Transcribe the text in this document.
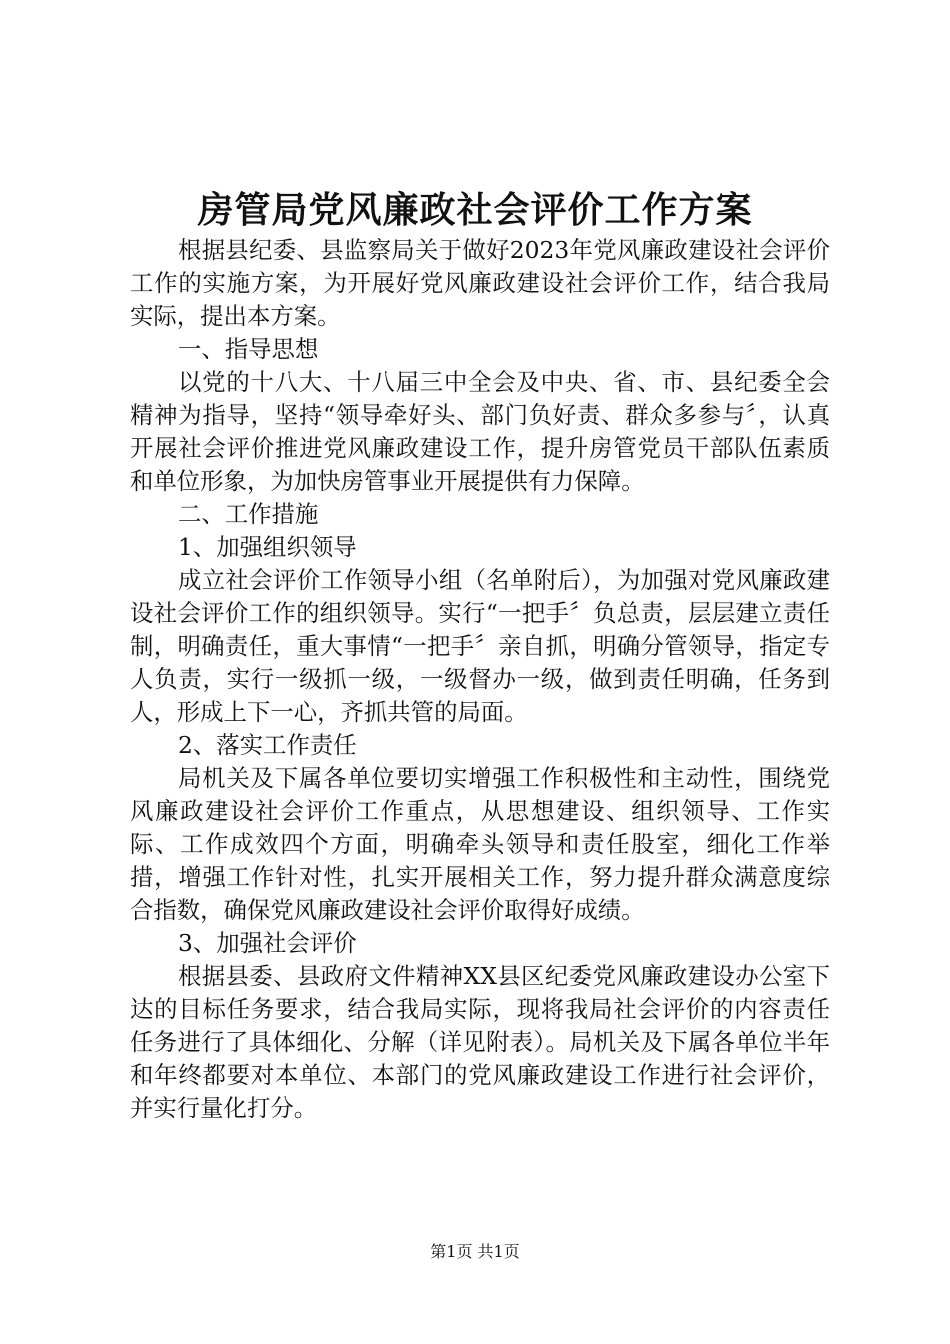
房管局党风廉政社会评价工作方案

根据县纪委、县监察局关于做好2023年党风廉政建设社会评价工作的实施方案，为开展好党风廉政建设社会评价工作，结合我局实际，提出本方案。

一、指导思想

以党的十八大、十八届三中全会及中央、省、市、县纪委全会精神为指导，坚持“领导牵好头、部门负好责、群众多参与〞，认真开展社会评价推进党风廉政建设工作，提升房管党员干部队伍素质和单位形象，为加快房管事业开展提供有力保障。

二、工作措施

1、加强组织领导

成立社会评价工作领导小组（名单附后），为加强对党风廉政建设社会评价工作的组织领导。实行“一把手〞负总责，层层建立责任制，明确责任，重大事情“一把手〞亲自抓，明确分管领导，指定专人负责，实行一级抓一级，一级督办一级，做到责任明确，任务到人，形成上下一心，齐抓共管的局面。

2、落实工作责任

局机关及下属各单位要切实增强工作积极性和主动性，围绕党风廉政建设社会评价工作重点，从思想建设、组织领导、工作实际、工作成效四个方面，明确牵头领导和责任股室，细化工作举措，增强工作针对性，扎实开展相关工作，努力提升群众满意度综合指数，确保党风廉政建设社会评价取得好成绩。

3、加强社会评价

根据县委、县政府文件精神XX县区纪委党风廉政建设办公室下达的目标任务要求，结合我局实际，现将我局社会评价的内容责任任务进行了具体细化、分解（详见附表）。局机关及下属各单位半年和年终都要对本单位、本部门的党风廉政建设工作进行社会评价，并实行量化打分。

第1页 共1页
